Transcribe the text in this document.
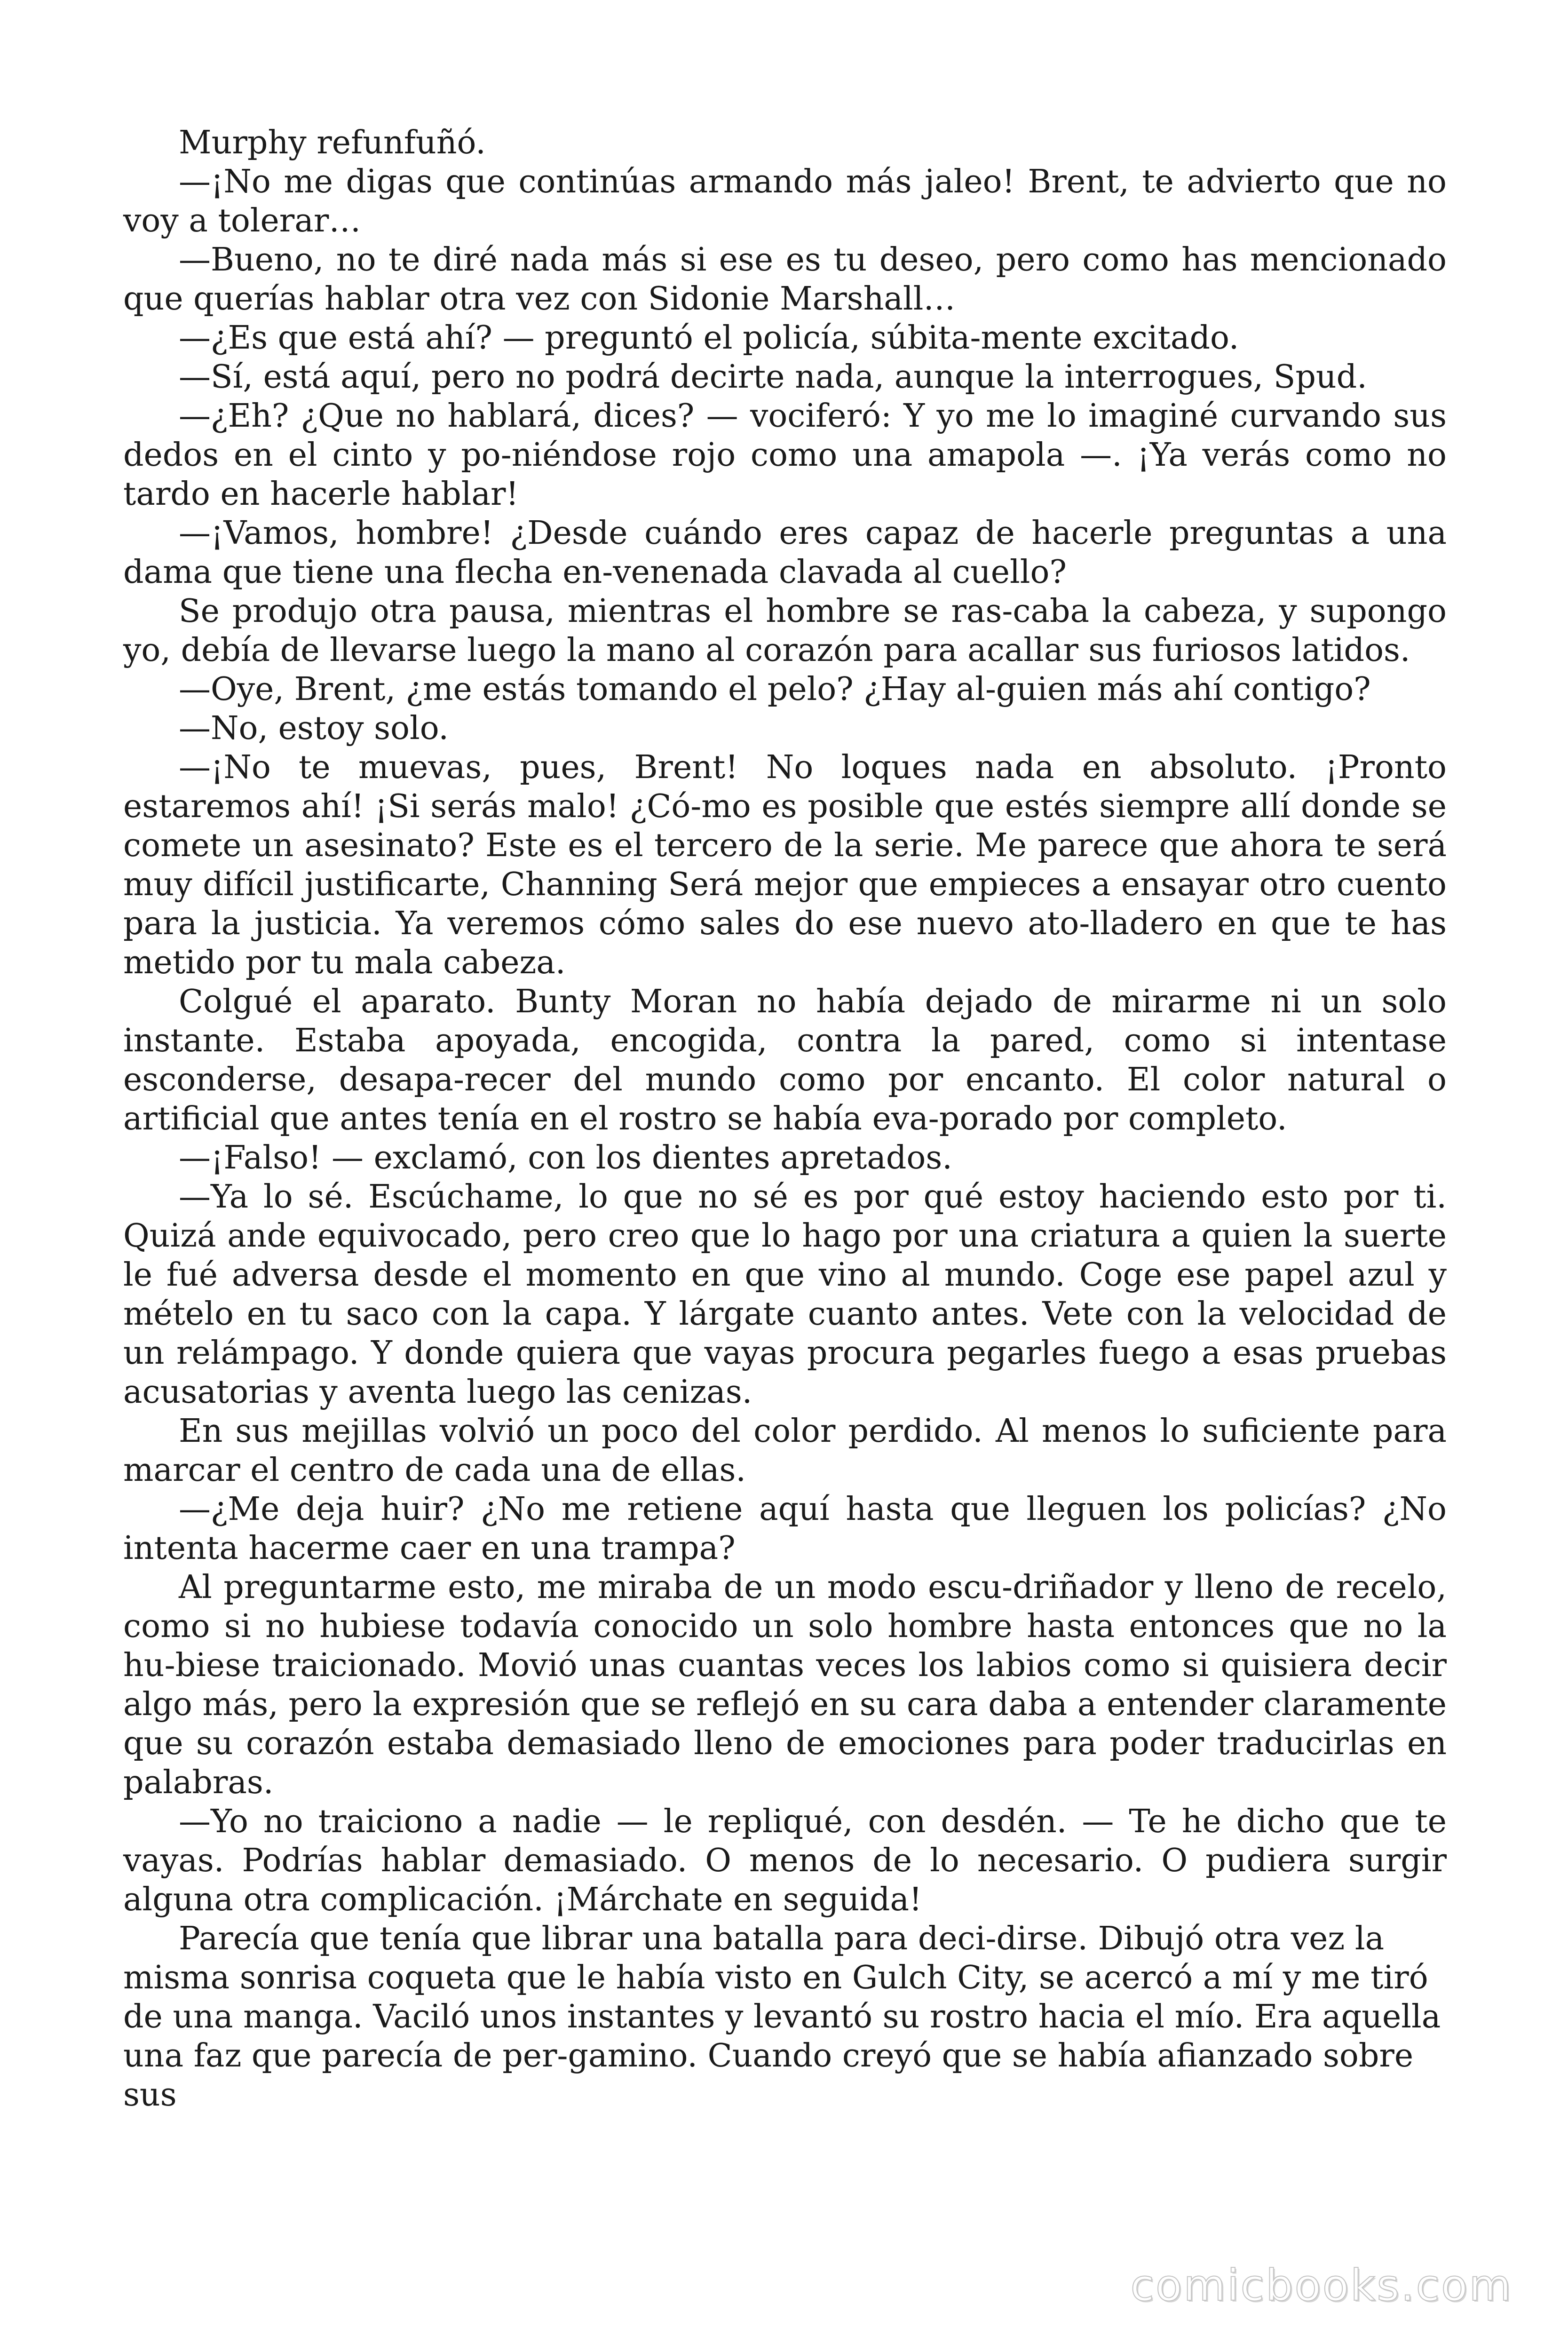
Murphy refunfuñó.

—¡No me digas que continúas armando más jaleo! Brent, te advierto que no voy a tolerar…

—Bueno, no te diré nada más si ese es tu deseo, pero como has mencionado que querías hablar otra vez con Sidonie Marshall…

—¿Es que está ahí? — preguntó el policía, súbita-mente excitado.

—Sí, está aquí, pero no podrá decirte nada, aunque la interrogues, Spud.

—¿Eh? ¿Que no hablará, dices? — vociferó: Y yo me lo imaginé curvando sus dedos en el cinto y po-niéndose rojo como una amapola —. ¡Ya verás como no tardo en hacerle hablar!

—¡Vamos, hombre! ¿Desde cuándo eres capaz de hacerle preguntas a una dama que tiene una flecha en-venenada clavada al cuello?

Se produjo otra pausa, mientras el hombre se ras-caba la cabeza, y supongo yo, debía de llevarse luego la mano al corazón para acallar sus furiosos latidos.

—Oye, Brent, ¿me estás tomando el pelo? ¿Hay al-guien más ahí contigo?

—No, estoy solo.

—¡No te muevas, pues, Brent! No loques nada en absoluto. ¡Pronto estaremos ahí! ¡Si serás malo! ¿Có-mo es posible que estés siempre allí donde se comete un asesinato? Este es el tercero de la serie. Me parece que ahora te será muy difícil justificarte, Channing Será mejor que empieces a ensayar otro cuento para la justicia. Ya veremos cómo sales do ese nuevo ato-lladero en que te has metido por tu mala cabeza.

Colgué el aparato. Bunty Moran no había dejado de mirarme ni un solo instante. Estaba apoyada, encogida, contra la pared, como si intentase esconderse, desapa-recer del mundo como por encanto. El color natural o artificial que antes tenía en el rostro se había eva-porado por completo.

—¡Falso! — exclamó, con los dientes apretados.

—Ya lo sé. Escúchame, lo que no sé es por qué estoy haciendo esto por ti. Quizá ande equivocado, pero creo que lo hago por una criatura a quien la suerte le fué adversa desde el momento en que vino al mundo. Coge ese papel azul y mételo en tu saco con la capa. Y lárgate cuanto antes. Vete con la velocidad de un relámpago. Y donde quiera que vayas procura pegarles fuego a esas pruebas acusatorias y aventa luego las cenizas.

En sus mejillas volvió un poco del color perdido. Al menos lo suficiente para marcar el centro de cada una de ellas.

—¿Me deja huir? ¿No me retiene aquí hasta que lleguen los policías? ¿No intenta hacerme caer en una trampa?

Al preguntarme esto, me miraba de un modo escu-driñador y lleno de recelo, como si no hubiese todavía conocido un solo hombre hasta entonces que no la hu-biese traicionado. Movió unas cuantas veces los labios como si quisiera decir algo más, pero la expresión que se reflejó en su cara daba a entender claramente que su corazón estaba demasiado lleno de emociones para poder traducirlas en palabras.

—Yo no traiciono a nadie — le repliqué, con desdén. — Te he dicho que te vayas. Podrías hablar demasiado. O menos de lo necesario. O pudiera surgir alguna otra complicación. ¡Márchate en seguida!

Parecía que tenía que librar una batalla para deci-dirse. Dibujó otra vez la misma sonrisa coqueta que le había visto en Gulch City, se acercó a mí y me tiró de una manga. Vaciló unos instantes y levantó su rostro hacia el mío. Era aquella una faz que parecía de per-gamino. Cuando creyó que se había afianzado sobre sus

comicbooks.com
